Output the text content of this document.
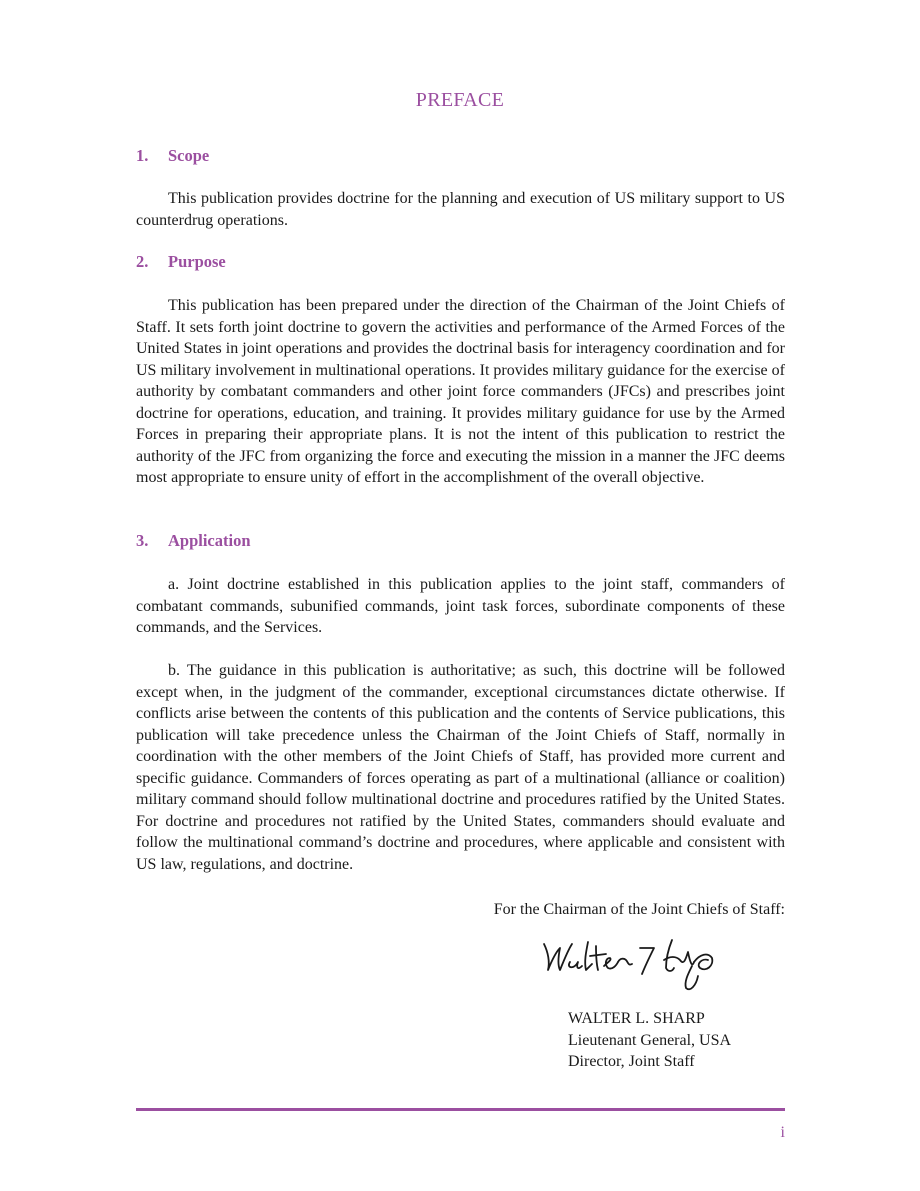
PREFACE
1. Scope

This publication provides doctrine for the planning and execution of US military support to US counterdrug operations.

2. Purpose

This publication has been prepared under the direction of the Chairman of the Joint Chiefs of Staff. It sets forth joint doctrine to govern the activities and performance of the Armed Forces of the United States in joint operations and provides the doctrinal basis for interagency coordination and for US military involvement in multinational operations. It provides military guidance for the exercise of authority by combatant commanders and other joint force commanders (JFCs) and prescribes joint doctrine for operations, education, and training. It provides military guidance for use by the Armed Forces in preparing their appropriate plans. It is not the intent of this publication to restrict the authority of the JFC from organizing the force and executing the mission in a manner the JFC deems most appropriate to ensure unity of effort in the accomplishment of the overall objective.

3. Application

a. Joint doctrine established in this publication applies to the joint staff, commanders of combatant commands, subunified commands, joint task forces, subordinate components of these commands, and the Services.

b. The guidance in this publication is authoritative; as such, this doctrine will be followed except when, in the judgment of the commander, exceptional circumstances dictate otherwise. If conflicts arise between the contents of this publication and the contents of Service publications, this publication will take precedence unless the Chairman of the Joint Chiefs of Staff, normally in coordination with the other members of the Joint Chiefs of Staff, has provided more current and specific guidance. Commanders of forces operating as part of a multinational (alliance or coalition) military command should follow multinational doctrine and procedures ratified by the United States. For doctrine and procedures not ratified by the United States, commanders should evaluate and follow the multinational command’s doctrine and procedures, where applicable and consistent with US law, regulations, and doctrine.

For the Chairman of the Joint Chiefs of Staff:
WALTER L. SHARP
Lieutenant General, USA
Director, Joint Staff
i
